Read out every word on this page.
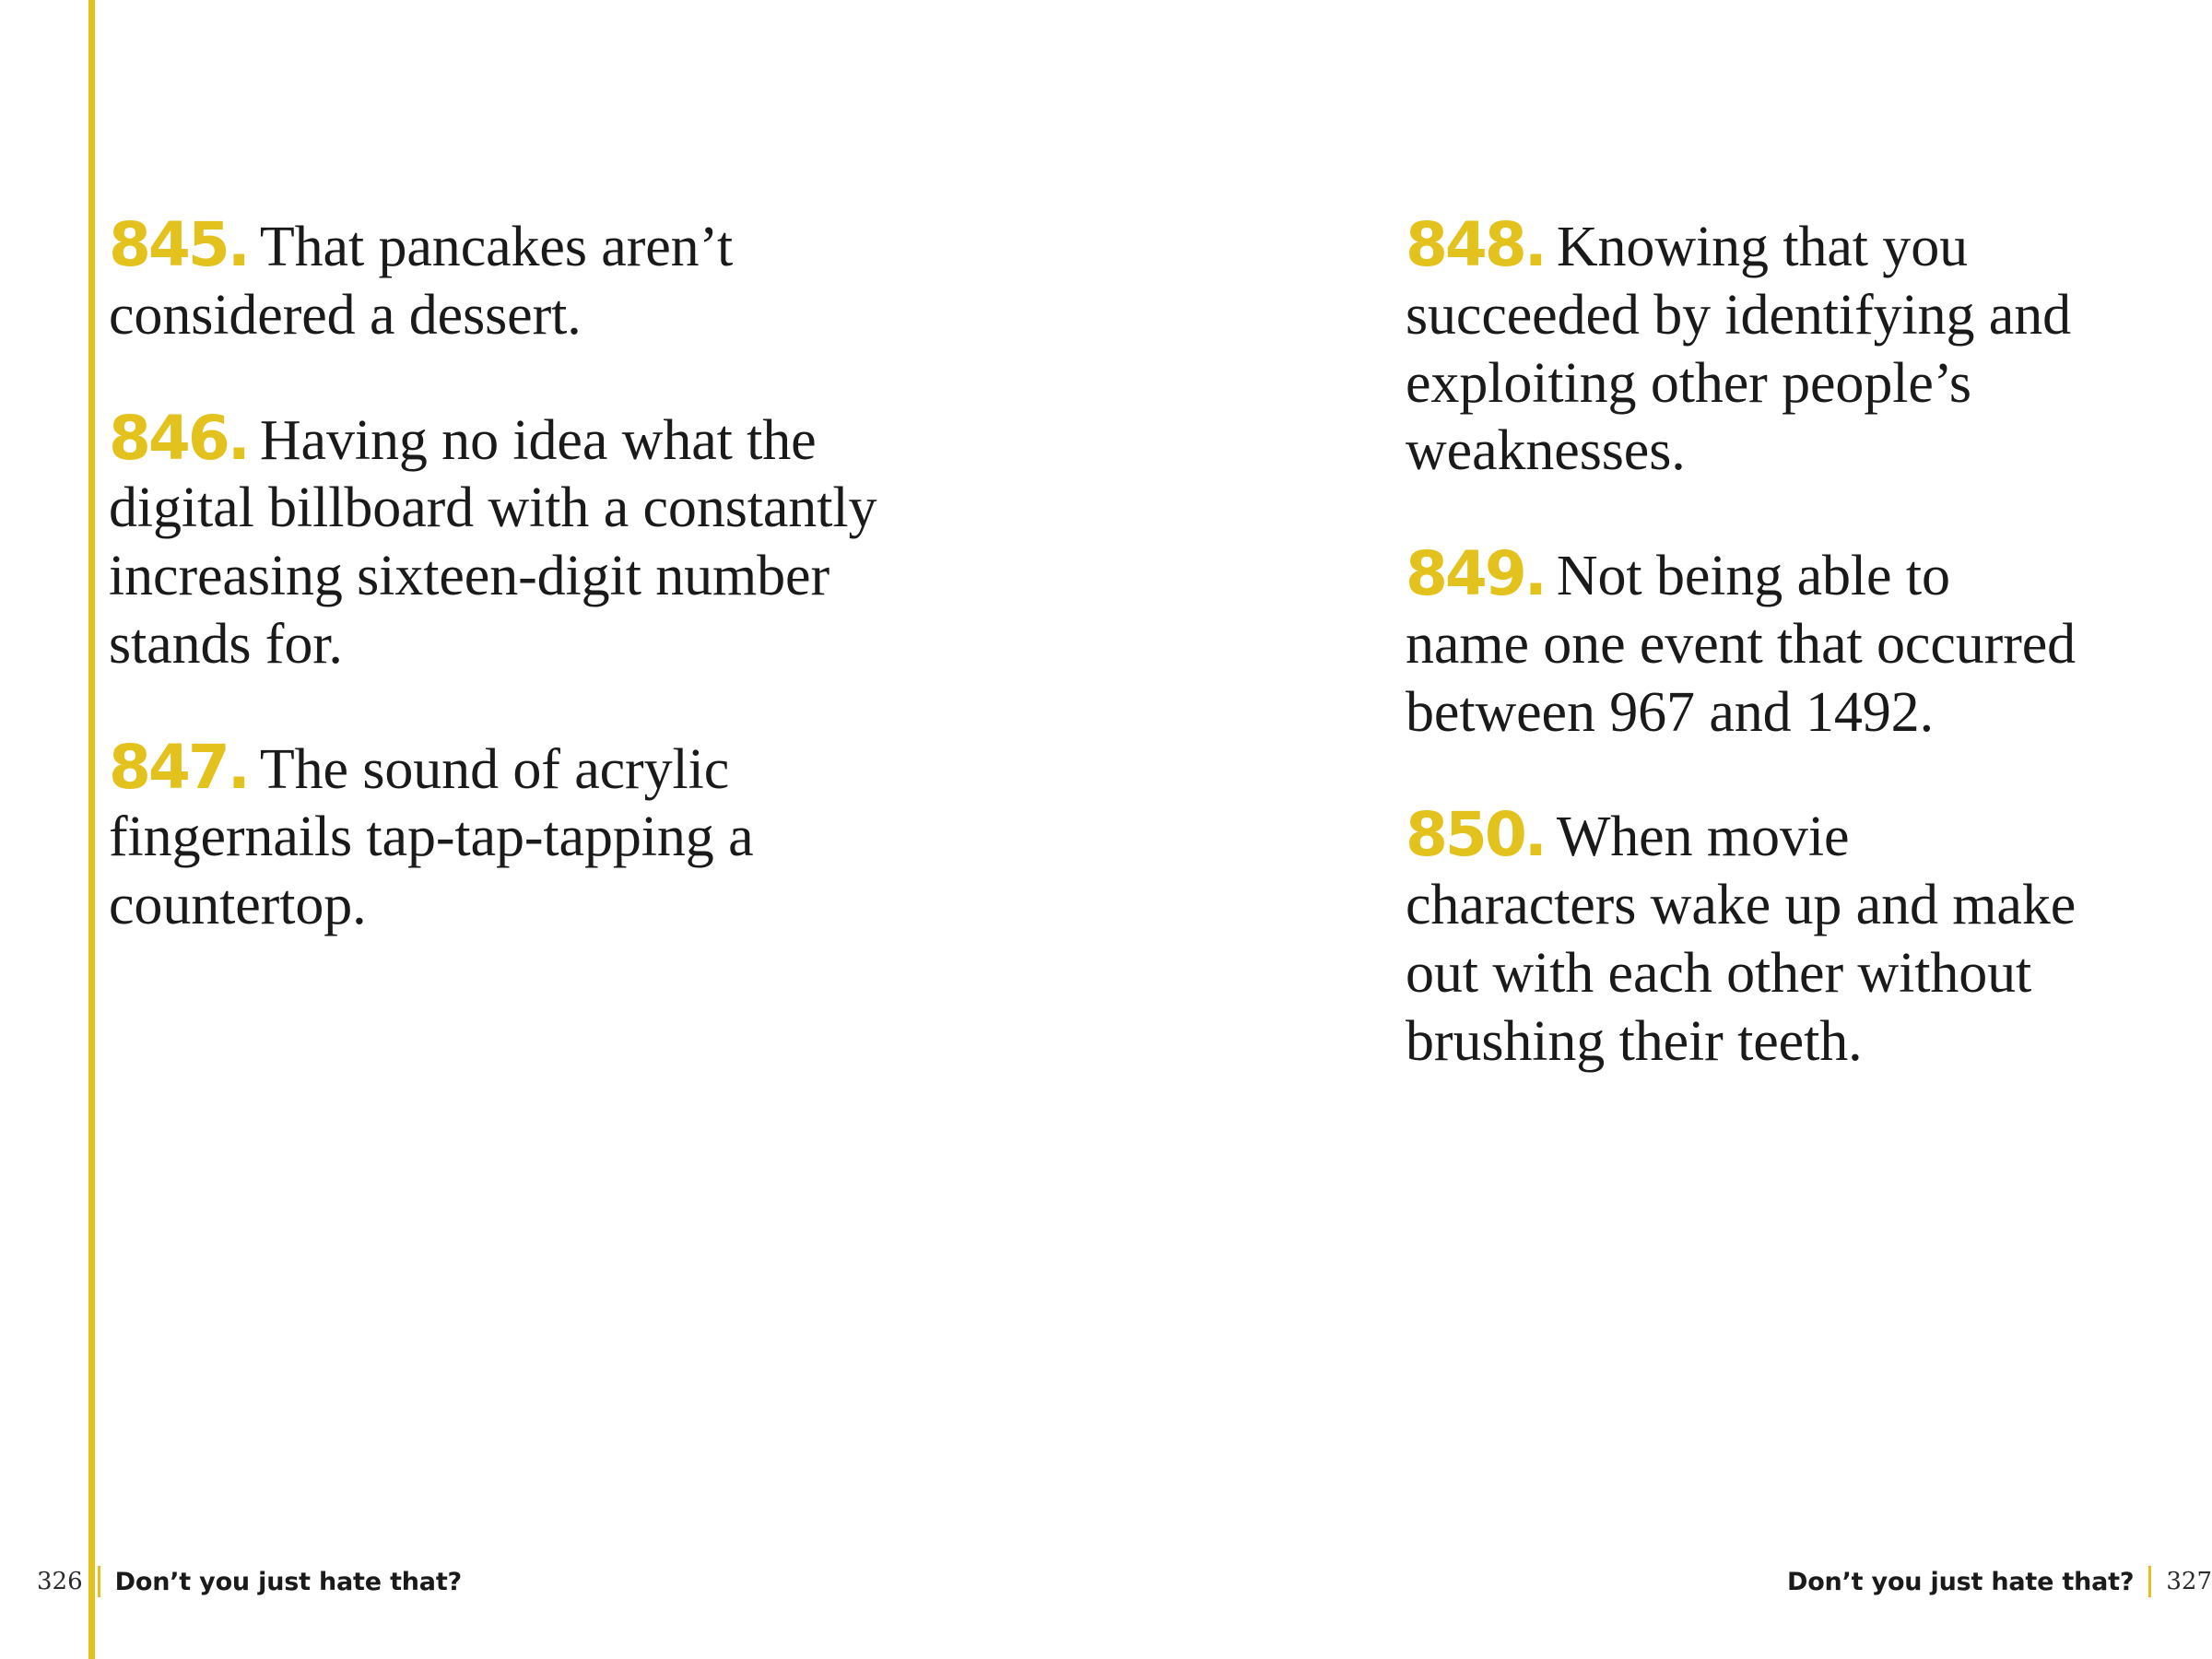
845. That pancakes aren’t considered a dessert.

846. Having no idea what the digital billboard with a constantly increasing sixteen-digit number stands for.

847. The sound of acrylic fingernails tap-tap-tapping a countertop.

326 Don’t you just hate that?

848. Knowing that you succeeded by identifying and exploiting other people’s weaknesses.

849. Not being able to name one event that occurred between 967 and 1492.

850. When movie characters wake up and make out with each other without brushing their teeth.

Don’t you just hate that? 327
